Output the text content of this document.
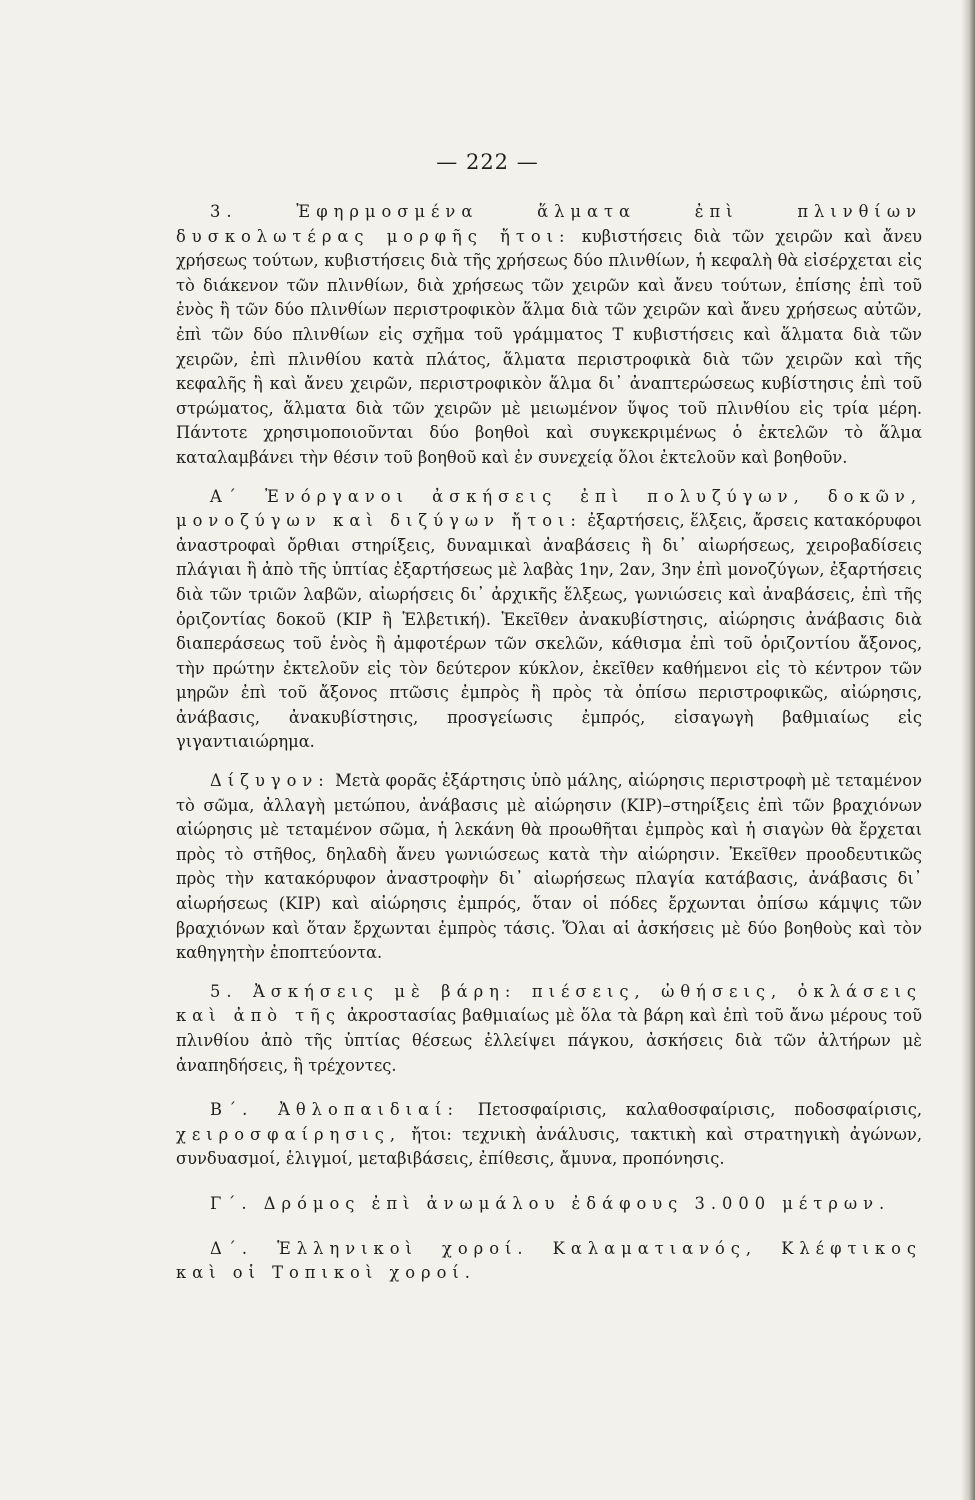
— 222 —

3. Ἐφηρμοσμένα ἅλματα ἐπὶ πλινθίων δυσκολωτέρας μορφῆς ἤτοι: κυβιστήσεις διὰ τῶν χειρῶν καὶ ἄνευ χρήσεως τούτων, κυβιστήσεις διὰ τῆς χρήσεως δύο πλινθίων, ἡ κεφαλὴ θὰ εἰσέρχεται εἰς τὸ διάκενον τῶν πλινθίων, διὰ χρήσεως τῶν χειρῶν καὶ ἄνευ τούτων, ἐπίσης ἐπὶ τοῦ ἑνὸς ἢ τῶν δύο πλινθίων περιστροφικὸν ἅλμα διὰ τῶν χειρῶν καὶ ἄνευ χρήσεως αὐτῶν, ἐπὶ τῶν δύο πλινθίων εἰς σχῆμα τοῦ γράμματος Τ κυβιστήσεις καὶ ἅλματα διὰ τῶν χειρῶν, ἐπὶ πλινθίου κατὰ πλάτος, ἅλματα περιστροφικὰ διὰ τῶν χειρῶν καὶ τῆς κεφαλῆς ἢ καὶ ἄνευ χειρῶν, περιστροφικὸν ἅλμα δι᾽ ἀναπτερώσεως κυβίστησις ἐπὶ τοῦ στρώματος, ἅλματα διὰ τῶν χειρῶν μὲ μειωμένον ὕψος τοῦ πλινθίου εἰς τρία μέρη. Πάντοτε χρησιμοποιοῦνται δύο βοηθοὶ καὶ συγκεκριμένως ὁ ἐκτελῶν τὸ ἅλμα καταλαμβάνει τὴν θέσιν τοῦ βοηθοῦ καὶ ἐν συνεχείᾳ ὅλοι ἐκτελοῦν καὶ βοηθοῦν.

Α΄ Ἐνόργανοι ἀσκήσεις ἐπὶ πολυζύγων, δοκῶν, μονοζύγων καὶ διζύγων ἤτοι: ἐξαρτήσεις, ἕλξεις, ἄρσεις κατακόρυφοι ἀναστροφαὶ ὄρθιαι στηρίξεις, δυναμικαὶ ἀναβάσεις ἢ δι᾽ αἰωρήσεως, χειροβαδίσεις πλάγιαι ἢ ἀπὸ τῆς ὑπτίας ἐξαρτήσεως μὲ λαβὰς 1ην, 2αν, 3ην ἐπὶ μονοζύγων, ἐξαρτήσεις διὰ τῶν τριῶν λαβῶν, αἰωρήσεις δι᾽ ἀρχικῆς ἕλξεως, γωνιώσεις καὶ ἀναβάσεις, ἐπὶ τῆς ὁριζοντίας δοκοῦ (ΚΙΡ ἢ Ἑλβετική). Ἐκεῖθεν ἀνακυβίστησις, αἰώρησις ἀνάβασις διὰ διαπεράσεως τοῦ ἑνὸς ἢ ἀμφοτέρων τῶν σκελῶν, κάθισμα ἐπὶ τοῦ ὁριζοντίου ἄξονος, τὴν πρώτην ἐκτελοῦν εἰς τὸν δεύτερον κύκλον, ἐκεῖθεν καθήμενοι εἰς τὸ κέντρον τῶν μηρῶν ἐπὶ τοῦ ἄξονος πτῶσις ἐμπρὸς ἢ πρὸς τὰ ὀπίσω περιστροφικῶς, αἰώρησις, ἀνάβασις, ἀνακυβίστησις, προσγείωσις ἐμπρός, εἰσαγωγὴ βαθμιαίως εἰς γιγαντιαιώρημα.

Δίζυγον: Μετὰ φορᾶς ἐξάρτησις ὑπὸ μάλης, αἰώρησις περιστροφὴ μὲ τεταμένον τὸ σῶμα, ἀλλαγὴ μετώπου, ἀνάβασις μὲ αἰώρησιν (ΚΙΡ)–στηρίξεις ἐπὶ τῶν βραχιόνων αἰώρησις μὲ τεταμένον σῶμα, ἡ λεκάνη θὰ προωθῆται ἐμπρὸς καὶ ἡ σιαγὼν θὰ ἔρχεται πρὸς τὸ στῆθος, δηλαδὴ ἄνευ γωνιώσεως κατὰ τὴν αἰώρησιν. Ἐκεῖθεν προοδευτικῶς πρὸς τὴν κατακόρυφον ἀναστροφὴν δι᾽ αἰωρήσεως πλαγία κατάβασις, ἀνάβασις δι᾽ αἰωρήσεως (ΚΙΡ) καὶ αἰώρησις ἐμπρός, ὅταν οἱ πόδες ἔρχωνται ὀπίσω κάμψις τῶν βραχιόνων καὶ ὅταν ἔρχωνται ἐμπρὸς τάσις. Ὅλαι αἱ ἀσκήσεις μὲ δύο βοηθοὺς καὶ τὸν καθηγητὴν ἐποπτεύοντα.

5. Ἀσκήσεις μὲ βάρη: πιέσεις, ὠθήσεις, ὀκλάσεις καὶ ἀπὸ τῆς ἀκροστασίας βαθμιαίως μὲ ὅλα τὰ βάρη καὶ ἐπὶ τοῦ ἄνω μέρους τοῦ πλινθίου ἀπὸ τῆς ὑπτίας θέσεως ἐλλείψει πάγκου, ἀσκήσεις διὰ τῶν ἀλτήρων μὲ ἀναπηδήσεις, ἢ τρέχοντες.

Β΄. Ἀθλοπαιδιαί: Πετοσφαίρισις, καλαθοσφαίρισις, ποδοσφαίρισις, χειροσφαίρησις, ἤτοι: τεχνικὴ ἀνάλυσις, τακτικὴ καὶ στρατηγικὴ ἀγώνων, συνδυασμοί, ἑλιγμοί, μεταβιβάσεις, ἐπίθεσις, ἄμυνα, προπόνησις.

Γ΄. Δρόμος ἐπὶ ἀνωμάλου ἐδάφους 3.000 μέτρων.

Δ΄. Ἑλληνικοὶ χοροί. Καλαματιανός, Κλέφτικος καὶ οἱ Τοπικοὶ χοροί.
